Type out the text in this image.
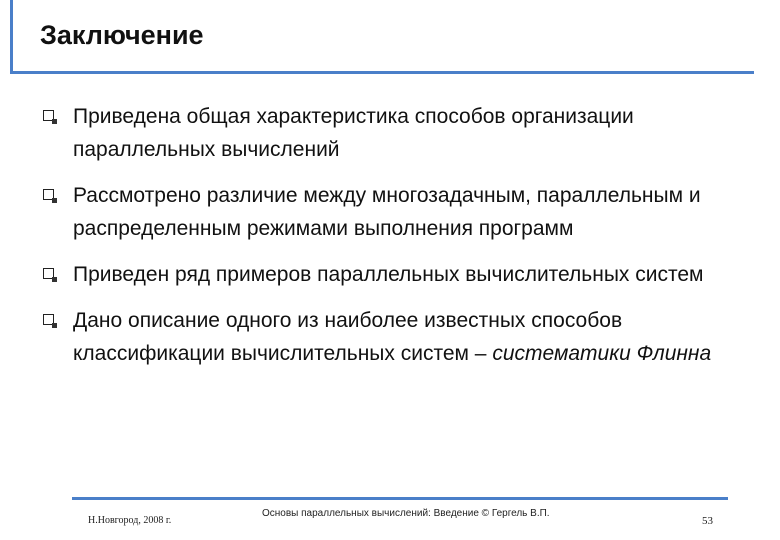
Заключение
Приведена общая характеристика способов организации параллельных вычислений
Рассмотрено различие между многозадачным, параллельным и распределенным режимами выполнения программ
Приведен ряд примеров параллельных вычислительных систем
Дано описание одного из наиболее известных способов классификации вычислительных систем – систематики Флинна
Н.Новгород, 2008 г.
Основы параллельных вычислений: Введение © Гергель В.П.
53
